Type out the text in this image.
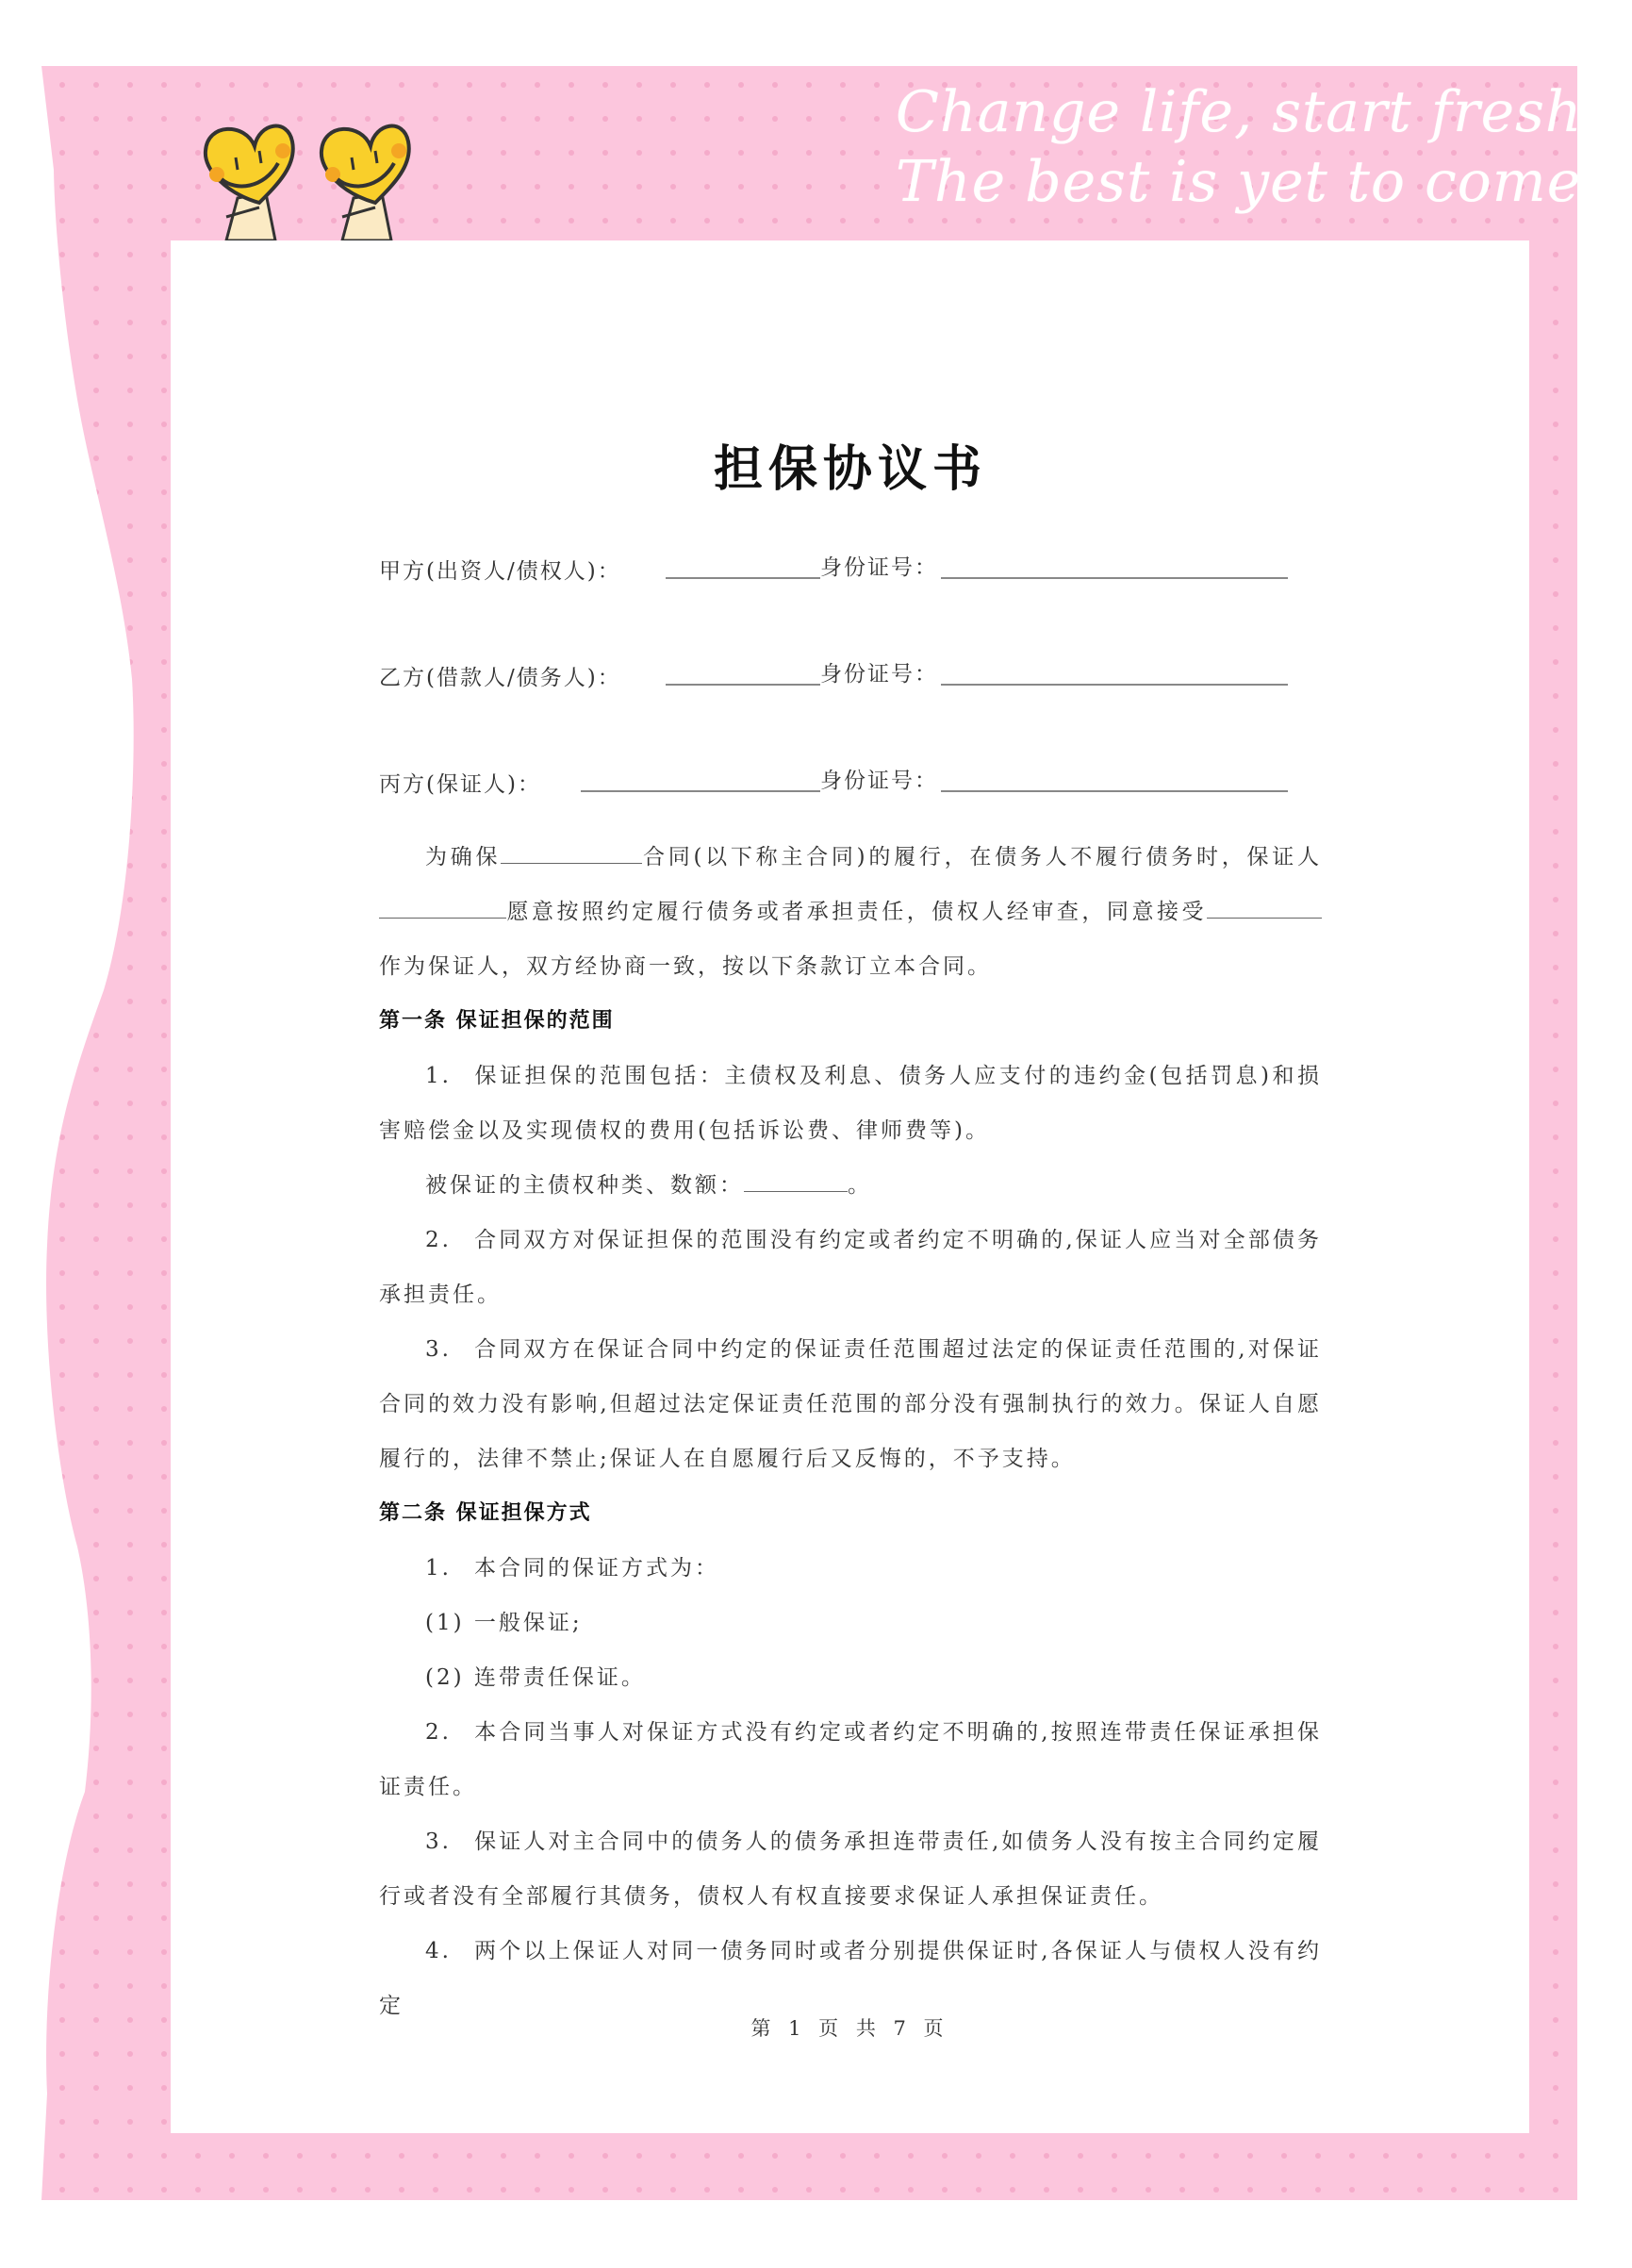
Change life, start fresh.
The best is yet to come.
担保协议书
甲方(出资人/债权人)：	身份证号：
乙方(借款人/债务人)：	身份证号：
丙方(保证人)：	身份证号：

为确保	合同(以下称主合同)的履行，在债务人不履行债务时，保证人愿意按照约定履行债务或者承担责任，债权人经审查，同意接受作为保证人，双方经协商一致，按以下条款订立本合同。

第一条 保证担保的范围

1. 保证担保的范围包括：主债权及利息、债务人应支付的违约金(包括罚息)和损害赔偿金以及实现债权的费用(包括诉讼费、律师费等)。

被保证的主债权种类、数额：	。

2. 合同双方对保证担保的范围没有约定或者约定不明确的,保证人应当对全部债务承担责任。

3. 合同双方在保证合同中约定的保证责任范围超过法定的保证责任范围的,对保证合同的效力没有影响,但超过法定保证责任范围的部分没有强制执行的效力。保证人自愿履行的，法律不禁止;保证人在自愿履行后又反悔的，不予支持。

第二条 保证担保方式

1. 本合同的保证方式为：

(1) 一般保证;

(2) 连带责任保证。

2. 本合同当事人对保证方式没有约定或者约定不明确的,按照连带责任保证承担保证责任。

3. 保证人对主合同中的债务人的债务承担连带责任,如债务人没有按主合同约定履行或者没有全部履行其债务，债权人有权直接要求保证人承担保证责任。

4. 两个以上保证人对同一债务同时或者分别提供保证时,各保证人与债权人没有约定

第 1 页 共 7 页
